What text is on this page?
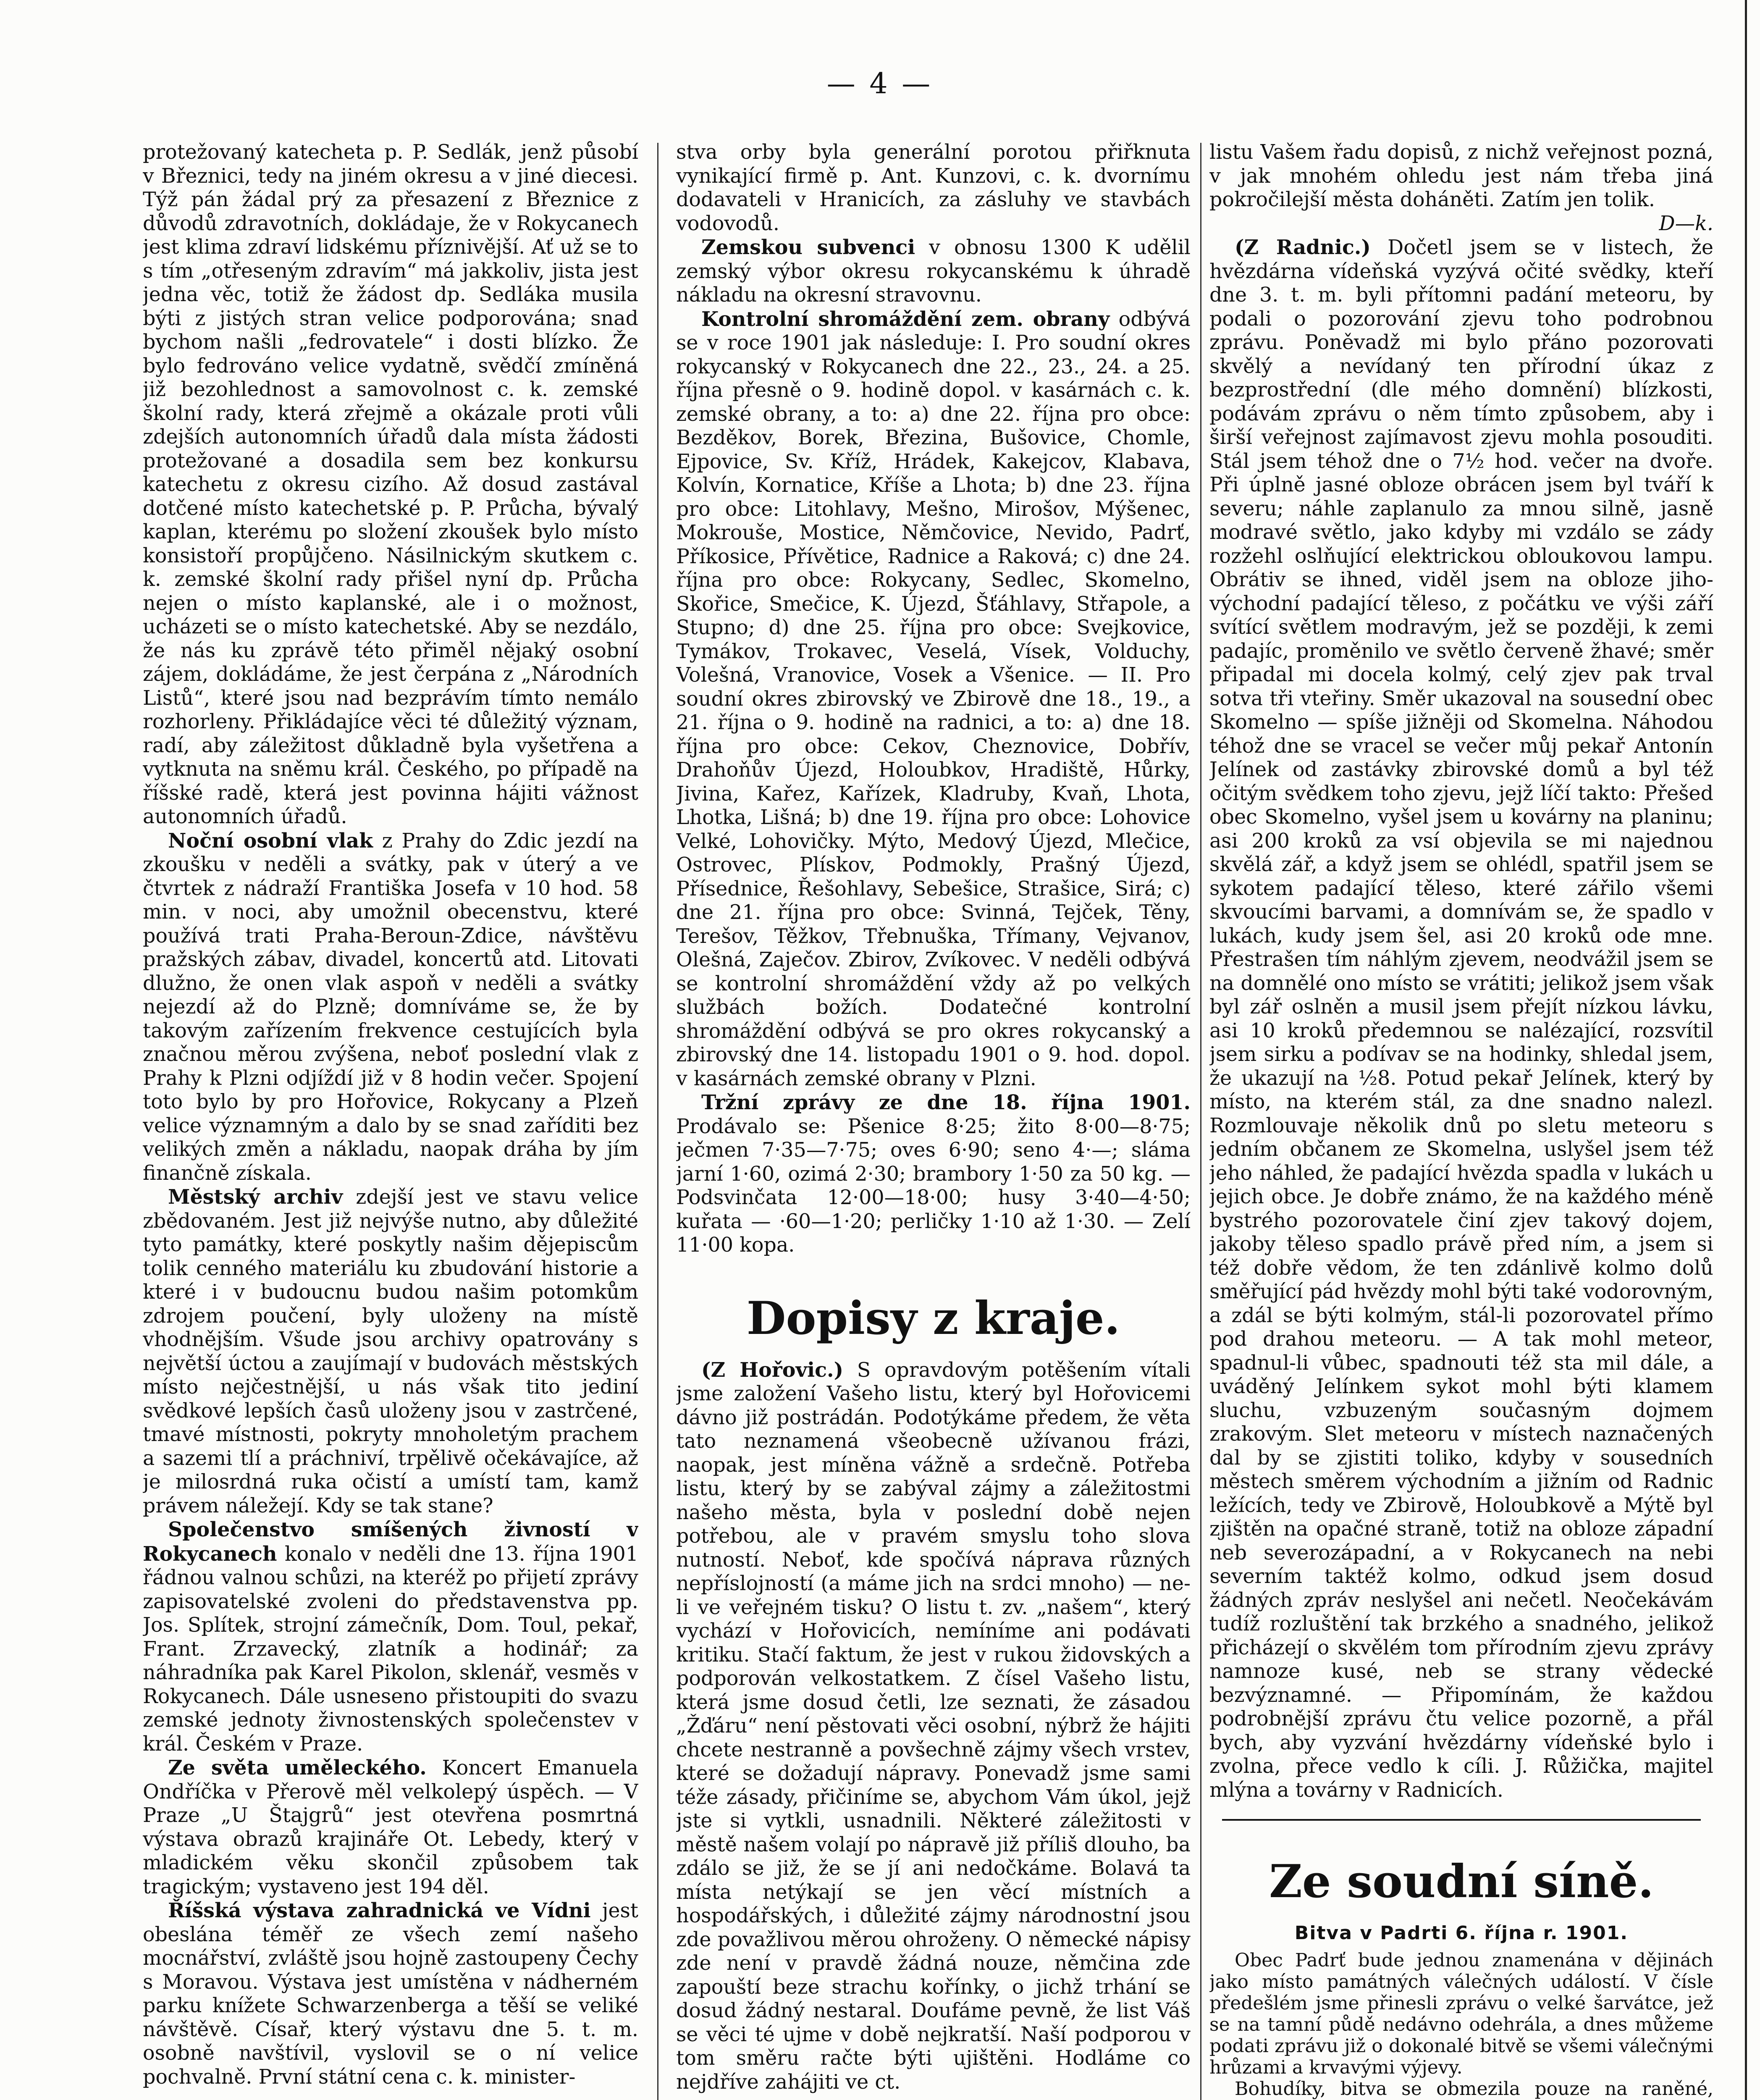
— 4 —

protežovaný katecheta p. P. Sedlák, jenž působí v Březnici, tedy na jiném okresu a v jiné diecesi. Týž pán žádal prý za přesazení z Březnice z důvodů zdravotních, dokládaje, že v Rokycanech jest klima zdraví lidskému příznivější. Ať už se to s tím „otřeseným zdravím“ má jakkoliv, jista jest jedna věc, totiž že žádost dp. Sedláka musila býti z jistých stran velice podporována; snad bychom našli „fedrovatele“ i dosti blízko. Že bylo fedrováno velice vydatně, svědčí zmíněná již bezohlednost a samovolnost c. k. zemské školní rady, která zřejmě a okázale proti vůli zdejších autonomních úřadů dala místa žádosti protežované a dosadila sem bez konkursu katechetu z okresu cizího. Až dosud zastával dotčené místo katechetské p. P. Průcha, bývalý kaplan, kterému po složení zkoušek bylo místo konsistoří propůjčeno. Násilnickým skutkem c. k. zemské školní rady přišel nyní dp. Průcha nejen o místo kaplanské, ale i o možnost, ucházeti se o místo katechetské. Aby se nezdálo, že nás ku zprávě této přiměl nějaký osobní zájem, dokládáme, že jest čerpána z „Národních Listů“, které jsou nad bezprávím tímto nemálo rozhorleny. Přikládajíce věci té důležitý význam, radí, aby záležitost důkladně byla vyšetřena a vytknuta na sněmu král. Českého, po případě na říšské radě, která jest povinna hájiti vážnost autonomních úřadů.

Noční osobní vlak z Prahy do Zdic jezdí na zkoušku v neděli a svátky, pak v úterý a ve čtvrtek z nádraží Františka Josefa v 10 hod. 58 min. v noci, aby umožnil obecenstvu, které používá trati Praha-Beroun-Zdice, návštěvu pražských zábav, divadel, koncertů atd. Litovati dlužno, že onen vlak aspoň v neděli a svátky nejezdí až do Plzně; domníváme se, že by takovým zařízením frekvence cestujících byla značnou měrou zvýšena, neboť poslední vlak z Prahy k Plzni odjíždí již v 8 hodin večer. Spojení toto bylo by pro Hořovice, Rokycany a Plzeň velice významným a dalo by se snad zaříditi bez velikých změn a nákladu, naopak dráha by jím finančně získala.

Městský archiv zdejší jest ve stavu velice zbědovaném. Jest již nejvýše nutno, aby důležité tyto památky, které poskytly našim dějepiscům tolik cenného materiálu ku zbudování historie a které i v budoucnu budou našim potomkům zdrojem poučení, byly uloženy na místě vhodnějším. Všude jsou archivy opatrovány s největší úctou a zaujímají v budovách městských místo nejčestnější, u nás však tito jediní svědkové lepších časů uloženy jsou v zastrčené, tmavé místnosti, pokryty mnoholetým prachem a sazemi tlí a práchniví, trpělivě očekávajíce, až je milosrdná ruka očistí a umístí tam, kamž právem náležejí. Kdy se tak stane?

Společenstvo smíšených živností v Rokycanech konalo v neděli dne 13. října 1901 řádnou valnou schůzi, na kteréž po přijetí zprávy zapisovatelské zvoleni do představenstva pp. Jos. Splítek, strojní zámečník, Dom. Toul, pekař, Frant. Zrzavecký, zlatník a hodinář; za náhradníka pak Karel Pikolon, sklenář, vesměs v Rokycanech. Dále usneseno přistoupiti do svazu zemské jednoty živnostenských společenstev v král. Českém v Praze.

Ze světa uměleckého. Koncert Emanuela Ondříčka v Přerově měl velkolepý úspěch. — V Praze „U Štajgrů“ jest otevřena posmrtná výstava obrazů krajináře Ot. Lebedy, který v mladickém věku skončil způsobem tak tragickým; vystaveno jest 194 děl.

Říšská výstava zahradnická ve Vídni jest obeslána téměř ze všech zemí našeho mocnářství, zvláště jsou hojně zastoupeny Čechy s Moravou. Výstava jest umístěna v nádherném parku knížete Schwarzenberga a těší se veliké návštěvě. Císař, který výstavu dne 5. t. m. osobně navštívil, vyslovil se o ní velice pochvalně. První státní cena c. k. minister-

stva orby byla generální porotou přiřknuta vynikající firmě p. Ant. Kunzovi, c. k. dvornímu dodavateli v Hranicích, za zásluhy ve stavbách vodovodů.

Zemskou subvenci v obnosu 1300 K udělil zemský výbor okresu rokycanskému k úhradě nákladu na okresní stravovnu.

Kontrolní shromáždění zem. obrany odbývá se v roce 1901 jak následuje: I. Pro soudní okres rokycanský v Rokycanech dne 22., 23., 24. a 25. října přesně o 9. hodině dopol. v kasárnách c. k. zemské obrany, a to: a) dne 22. října pro obce: Bezděkov, Borek, Březina, Bušovice, Chomle, Ejpovice, Sv. Kříž, Hrádek, Kakejcov, Klabava, Kolvín, Kornatice, Kříše a Lhota; b) dne 23. října pro obce: Litohlavy, Mešno, Mirošov, Mýšenec, Mokrouše, Mostice, Němčovice, Nevido, Padrť, Příkosice, Přívětice, Radnice a Raková; c) dne 24. října pro obce: Rokycany, Sedlec, Skomelno, Skořice, Smečice, K. Újezd, Šťáhlavy, Střapole, a Stupno; d) dne 25. října pro obce: Svejkovice, Tymákov, Trokavec, Veselá, Vísek, Volduchy, Volešná, Vranovice, Vosek a Všenice. — II. Pro soudní okres zbirovský ve Zbirově dne 18., 19., a 21. října o 9. hodině na radnici, a to: a) dne 18. října pro obce: Cekov, Cheznovice, Dobřív, Drahoňův Újezd, Holoubkov, Hradiště, Hůrky, Jivina, Kařez, Kařízek, Kladruby, Kvaň, Lhota, Lhotka, Lišná; b) dne 19. října pro obce: Lohovice Velké, Lohovičky. Mýto, Medový Újezd, Mlečice, Ostrovec, Plískov, Podmokly, Prašný Újezd, Přísednice, Řešohlavy, Sebešice, Strašice, Sirá; c) dne 21. října pro obce: Svinná, Tejček, Těny, Terešov, Těžkov, Třebnuška, Třímany, Vejvanov, Olešná, Zaječov. Zbirov, Zvíkovec. V neděli odbývá se kontrolní shromáždění vždy až po velkých službách božích. Dodatečné kontrolní shromáždění odbývá se pro okres rokycanský a zbirovský dne 14. listopadu 1901 o 9. hod. dopol. v kasárnách zemské obrany v Plzni.

Tržní zprávy ze dne 18. října 1901. Prodávalo se: Pšenice 8·25; žito 8·00—8·75; ječmen 7·35—7·75; oves 6·90; seno 4·—; sláma jarní 1·60, ozimá 2·30; brambory 1·50 za 50 kg. — Podsvinčata 12·00—18·00; husy 3·40—4·50; kuřata — ·60—1·20; perličky 1·10 až 1·30. — Zelí 11·00 kopa.

Dopisy z kraje.

(Z Hořovic.) S opravdovým potěšením vítali jsme založení Vašeho listu, který byl Hořovicemi dávno již postrádán. Podotýkáme předem, že věta tato neznamená všeobecně užívanou frázi, naopak, jest míněna vážně a srdečně. Potřeba listu, který by se zabýval zájmy a záležitostmi našeho města, byla v poslední době nejen potřebou, ale v pravém smyslu toho slova nutností. Neboť, kde spočívá náprava různých nepříslojností (a máme jich na srdci mnoho) — ne-li ve veřejném tisku? O listu t. zv. „našem“, který vychází v Hořovicích, nemíníme ani podávati kritiku. Stačí faktum, že jest v rukou židovských a podporován velkostatkem. Z čísel Vašeho listu, která jsme dosud četli, lze seznati, že zásadou „Žďáru“ není pěstovati věci osobní, nýbrž že hájiti chcete nestranně a povšechně zájmy všech vrstev, které se dožadují nápravy. Ponevadž jsme sami téže zásady, přičiníme se, abychom Vám úkol, jejž jste si vytkli, usnadnili. Některé záležitosti v městě našem volají po nápravě již příliš dlouho, ba zdálo se již, že se jí ani nedočkáme. Bolavá ta místa netýkají se jen věcí místních a hospodářských, i důležité zájmy národnostní jsou zde považlivou měrou ohroženy. O německé nápisy zde není v pravdě žádná nouze, němčina zde zapouští beze strachu kořínky, o jichž trhání se dosud žádný nestaral. Doufáme pevně, že list Váš se věci té ujme v době nejkratší. Naší podporou v tom směru račte býti ujištěni. Hodláme co nejdříve zahájiti ve ct.

listu Vašem řadu dopisů, z nichž veřejnost pozná, v jak mnohém ohledu jest nám třeba jiná pokročilejší města doháněti. Zatím jen tolik.

D—k.

(Z Radnic.) Dočetl jsem se v listech, že hvězdárna vídeňská vyzývá očité svědky, kteří dne 3. t. m. byli přítomni padání meteoru, by podali o pozorování zjevu toho podrobnou zprávu. Poněvadž mi bylo přáno pozorovati skvělý a nevídaný ten přírodní úkaz z bezprostřední (dle mého domnění) blízkosti, podávám zprávu o něm tímto způsobem, aby i širší veřejnost zajímavost zjevu mohla posouditi. Stál jsem téhož dne o 7½ hod. večer na dvoře. Při úplně jasné obloze obrácen jsem byl tváří k severu; náhle zaplanulo za mnou silně, jasně modravé světlo, jako kdyby mi vzdálo se zády rozžehl oslňující elektrickou obloukovou lampu. Obrátiv se ihned, viděl jsem na obloze jiho-východní padající těleso, z počátku ve výši září svítící světlem modravým, jež se později, k zemi padajíc, proměnilo ve světlo červeně žhavé; směr připadal mi docela kolmý, celý zjev pak trval sotva tři vteřiny. Směr ukazoval na sousední obec Skomelno — spíše jižněji od Skomelna. Náhodou téhož dne se vracel se večer můj pekař Antonín Jelínek od zastávky zbirovské domů a byl též očitým svědkem toho zjevu, jejž líčí takto: Přešed obec Skomelno, vyšel jsem u kovárny na planinu; asi 200 kroků za vsí objevila se mi najednou skvělá zář, a když jsem se ohlédl, spatřil jsem se sykotem padající těleso, které zářilo všemi skvoucími barvami, a domnívám se, že spadlo v lukách, kudy jsem šel, asi 20 kroků ode mne. Přestrašen tím náhlým zjevem, neodvážil jsem se na domnělé ono místo se vrátiti; jelikož jsem však byl zář oslněn a musil jsem přejít nízkou lávku, asi 10 kroků předemnou se nalézající, rozsvítil jsem sirku a podívav se na hodinky, shledal jsem, že ukazují na ½8. Potud pekař Jelínek, který by místo, na kterém stál, za dne snadno nalezl. Rozmlouvaje několik dnů po sletu meteoru s jedním občanem ze Skomelna, uslyšel jsem též jeho náhled, že padající hvězda spadla v lukách u jejich obce. Je dobře známo, že na každého méně bystrého pozorovatele činí zjev takový dojem, jakoby těleso spadlo právě před ním, a jsem si též dobře vědom, že ten zdánlivě kolmo dolů směřující pád hvězdy mohl býti také vodorovným, a zdál se býti kolmým, stál-li pozorovatel přímo pod drahou meteoru. — A tak mohl meteor, spadnul-li vůbec, spadnouti též sta mil dále, a uváděný Jelínkem sykot mohl býti klamem sluchu, vzbuzeným současným dojmem zrakovým. Slet meteoru v místech naznačených dal by se zjistiti toliko, kdyby v sousedních městech směrem východním a jižním od Radnic ležících, tedy ve Zbirově, Holoubkově a Mýtě byl zjištěn na opačné straně, totiž na obloze západní neb severozápadní, a v Rokycanech na nebi severním taktéž kolmo, odkud jsem dosud žádných zpráv neslyšel ani nečetl. Neočekávám tudíž rozluštění tak brzkého a snadného, jelikož přicházejí o skvělém tom přírodním zjevu zprávy namnoze kusé, neb se strany vědecké bezvýznamné. — Připomínám, že každou podrobnější zprávu čtu velice pozorně, a přál bych, aby vyzvání hvězdárny vídeňské bylo i zvolna, přece vedlo k cíli. J. Růžička, majitel mlýna a továrny v Radnicích.

Ze soudní síně.
Bitva v Padrti 6. října r. 1901.

Obec Padrť bude jednou znamenána v dějinách jako místo památných válečných událostí. V čísle předešlém jsme přinesli zprávu o velké šarvátce, jež se na tamní půdě nedávno odehrála, a dnes můžeme podati zprávu již o dokonalé bitvě se všemi válečnými hrůzami a krvavými výjevy.

Bohudíky, bitva se obmezila pouze na raněné,
